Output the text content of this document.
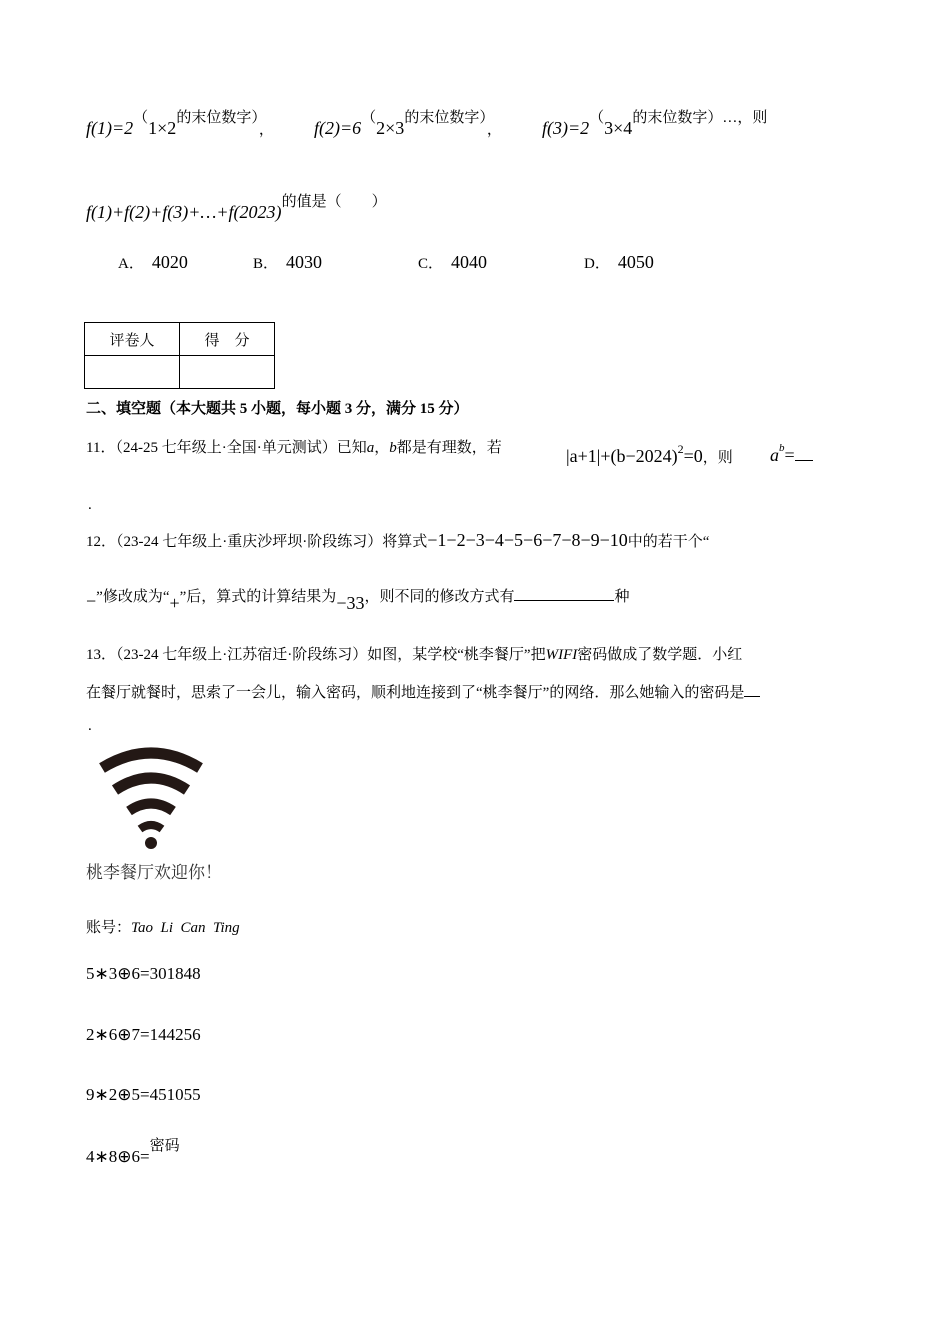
f(1)=2（1×2的末位数字）， f(2)=6（2×3的末位数字）， f(3)=2（3×4的末位数字）…，则
f(1)+f(2)+f(3)+…+f(2023)的值是（　　）
A． 4020	B． 4030	C． 4040	D． 4050
评卷人	得　分

二、填空题（本大题共 5 小题，每小题 3 分，满分 15 分）
11．（24-25 七年级上·全国·单元测试）已知a，b都是有理数，若	$|a+1|+(b-2024)^2=0$，则 $a^b=$
.
12．（23-24 七年级上·重庆沙坪坝·阶段练习）将算式−1−2−3−4−5−6−7−8−9−10中的若干个“
−”修改成为“+”后，算式的计算结果为−33，则不同的修改方式有	种
13．（23-24 七年级上·江苏宿迁·阶段练习）如图，某学校“桃李餐厅”把WIFI密码做成了数学题．小红
在餐厅就餐时，思索了一会儿，输入密码，顺利地连接到了“桃李餐厅”的网络．那么她输入的密码是
.
桃李餐厅欢迎你！
账号：Tao  Li  Can  Ting
5∗3⊕6=301848
2∗6⊕7=144256
9∗2⊕5=451055
4∗8⊕6=密码
